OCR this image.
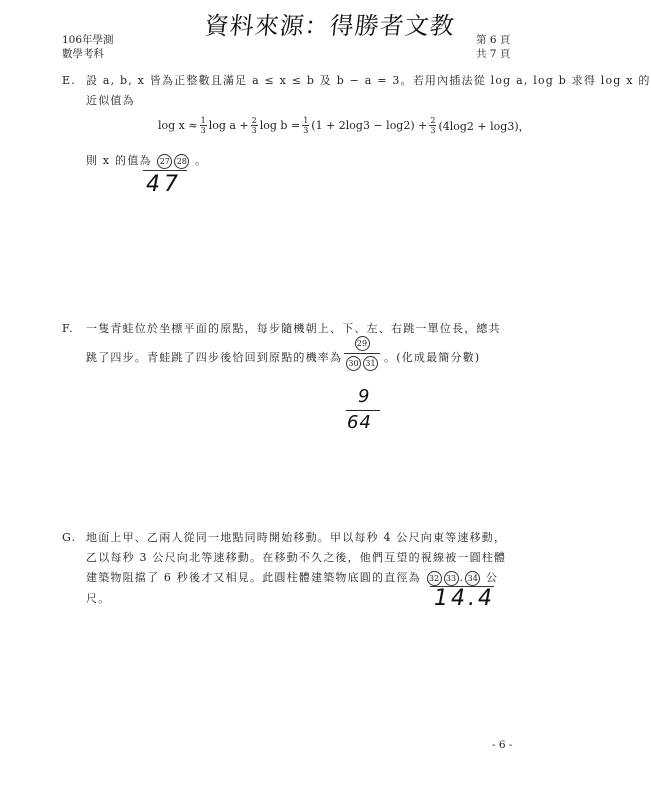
資料來源：得勝者文教
106年學測
數學考科
第 6 頁
共 7 頁
E. 設 a, b, x 皆為正整數且滿足 a ≤ x ≤ b 及 b − a = 3。若用內插法從 log a, log b 求得 log x 的
近似值為
$\log x \approx \frac{1}{3}$ $\log a + \frac{2}{3}$ $\log b = \frac{1}{3} (1 + 2\log 3 - \log 2) + \frac{2}{3} (4\log 2 + \log 3)$，
則 x 的值為 27 28 。
47
F. 一隻青蛙位於坐標平面的原點，每步隨機朝上、下、左、右跳一單位長，總共
跳了四步。青蛙跳了四步後恰回到原點的機率為
29
30 31 。(化成最簡分數)
9
64
G. 地面上甲、乙兩人從同一地點同時開始移動。甲以每秒 4 公尺向東等速移動，
乙以每秒 3 公尺向北等速移動。在移動不久之後，他們互望的視線被一圓柱體
建築物阻擋了 6 秒後才又相見。此圓柱體建築物底圓的直徑為 32 33 . 34 公
尺。	14.4
- 6 -
